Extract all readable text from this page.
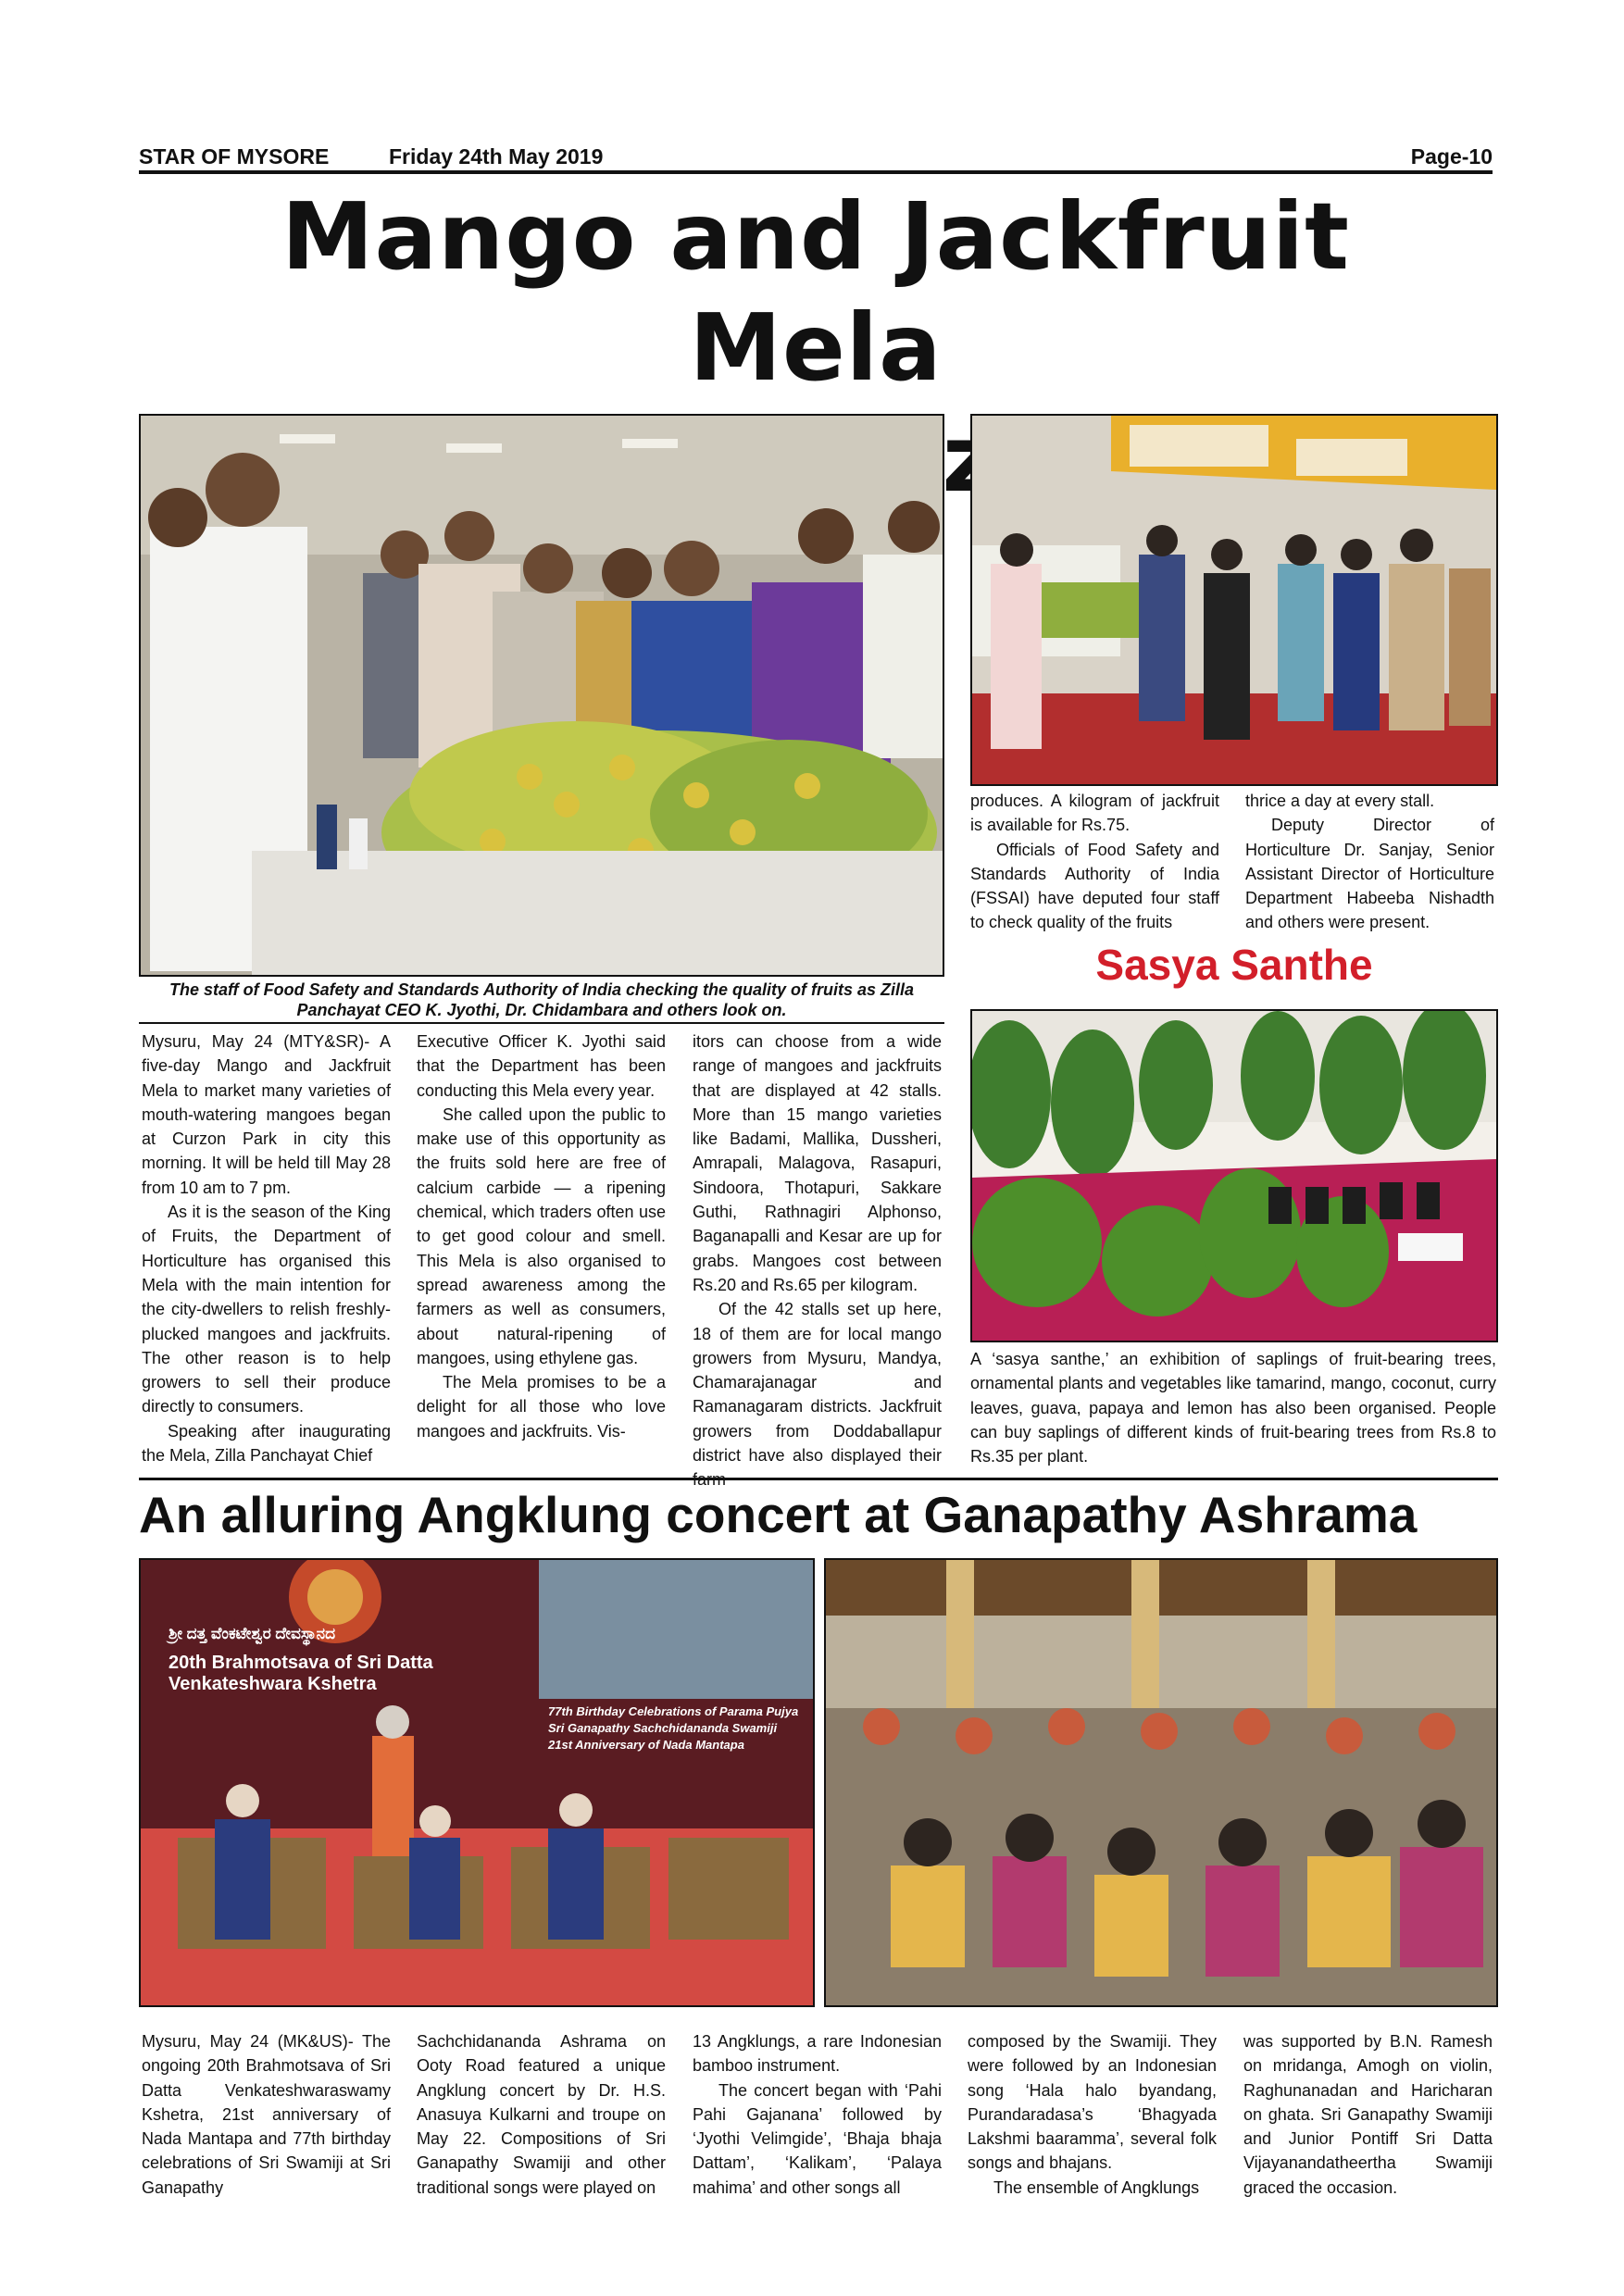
STAR OF MYSORE	Friday 24th May 2019	Page-10
Mango and Jackfruit Mela
The staff of Food Safety and Standards Authority of India checking the quality of fruits as Zilla Panchayat CEO K. Jyothi, Dr. Chidambara and others look on.

Mysuru, May 24 (MTY&SR)- A five-day Mango and Jackfruit Mela to market many varieties of mouth-watering mangoes began at Curzon Park in city this morning. It will be held till May 28 from 10 am to 7 pm.

As it is the season of the King of Fruits, the Department of Horticulture has organised this Mela with the main intention for the city-dwellers to relish freshly-plucked mangoes and jackfruits. The other reason is to help growers to sell their produce directly to consumers.

Speaking after inaugurating the Mela, Zilla Panchayat Chief

Executive Officer K. Jyothi said that the Department has been conducting this Mela every year.

She called upon the public to make use of this opportunity as the fruits sold here are free of calcium carbide — a ripening chemical, which traders often use to get good colour and smell. This Mela is also organised to spread awareness among the farmers as well as consumers, about natural-ripening of mangoes, using ethylene gas.

The Mela promises to be a delight for all those who love mangoes and jackfruits. Vis-

itors can choose from a wide range of mangoes and jackfruits that are displayed at 42 stalls. More than 15 mango varieties like Badami, Mallika, Dussheri, Amrapali, Malagova, Rasapuri, Sindoora, Thotapuri, Sakkare Guthi, Rathnagiri Alphonso, Baganapalli and Kesar are up for grabs. Mangoes cost between Rs.20 and Rs.65 per kilogram.

Of the 42 stalls set up here, 18 of them are for local mango growers from Mysuru, Mandya, Chamarajanagar and Ramanagaram districts. Jackfruit growers from Doddaballapur district have also displayed their

produces. A kilogram of jackfruit is available for Rs.75.

Officials of Food Safety and Standards Authority of India (FSSAI) have deputed four staff to check quality of the fruits

thrice a day at every stall.

Deputy Director of Horticulture Dr. Sanjay, Senior Assistant Director of Horticulture Department Habeeba Nishadth and others were present.

Sasya Santhe

A ‘sasya santhe,’ an exhibition of saplings of fruit-bearing trees, ornamental plants and vegetables like tamarind, mango, coconut, curry leaves, guava, papaya and lemon has also been organised. People can buy saplings of different kinds of fruit-bearing trees from Rs.8 to Rs.35 per plant.

An alluring Angklung concert at Ganapathy Ashrama
ಶ್ರೀ ದತ್ತ ವೆಂಕಟೇಶ್ವರ ದೇವಸ್ಥಾನದ
20th Brahmotsava of Sri Datta Venkateshwara Kshetra
77th Birthday Celebrations of Parama Pujya
Sri Ganapathy Sachchidananda Swamiji
21st Anniversary of Nada Mantapa

Mysuru, May 24 (MK&US)- The ongoing 20th Brahmotsava of Sri Datta Venkateshwaraswamy Kshetra, 21st anniversary of Nada Mantapa and 77th birthday celebrations of Sri Swamiji at Sri Ganapathy

Sachchidananda Ashrama on Ooty Road featured a unique Angklung concert by Dr. H.S. Anasuya Kulkarni and troupe on May 22. Compositions of Sri Ganapathy Swamiji and other traditional songs were played on

13 Angklungs, a rare Indonesian bamboo instrument.

The concert began with ‘Pahi Pahi Gajanana’ followed by ‘Jyothi Velimgide’, ‘Bhaja bhaja Dattam’, ‘Kalikam’, ‘Palaya mahima’ and other songs all

composed by the Swamiji. They were followed by an Indonesian song ‘Hala halo byandang, Purandaradasa’s ‘Bhagyada Lakshmi baaramma’, several folk songs and bhajans.

The ensemble of Angklungs

was supported by B.N. Ramesh on mridanga, Amogh on violin, Raghunanadan and Haricharan on ghata. Sri Ganapathy Swamiji and Junior Pontiff Sri Datta Vijayanandatheertha Swamiji graced the occasion.
